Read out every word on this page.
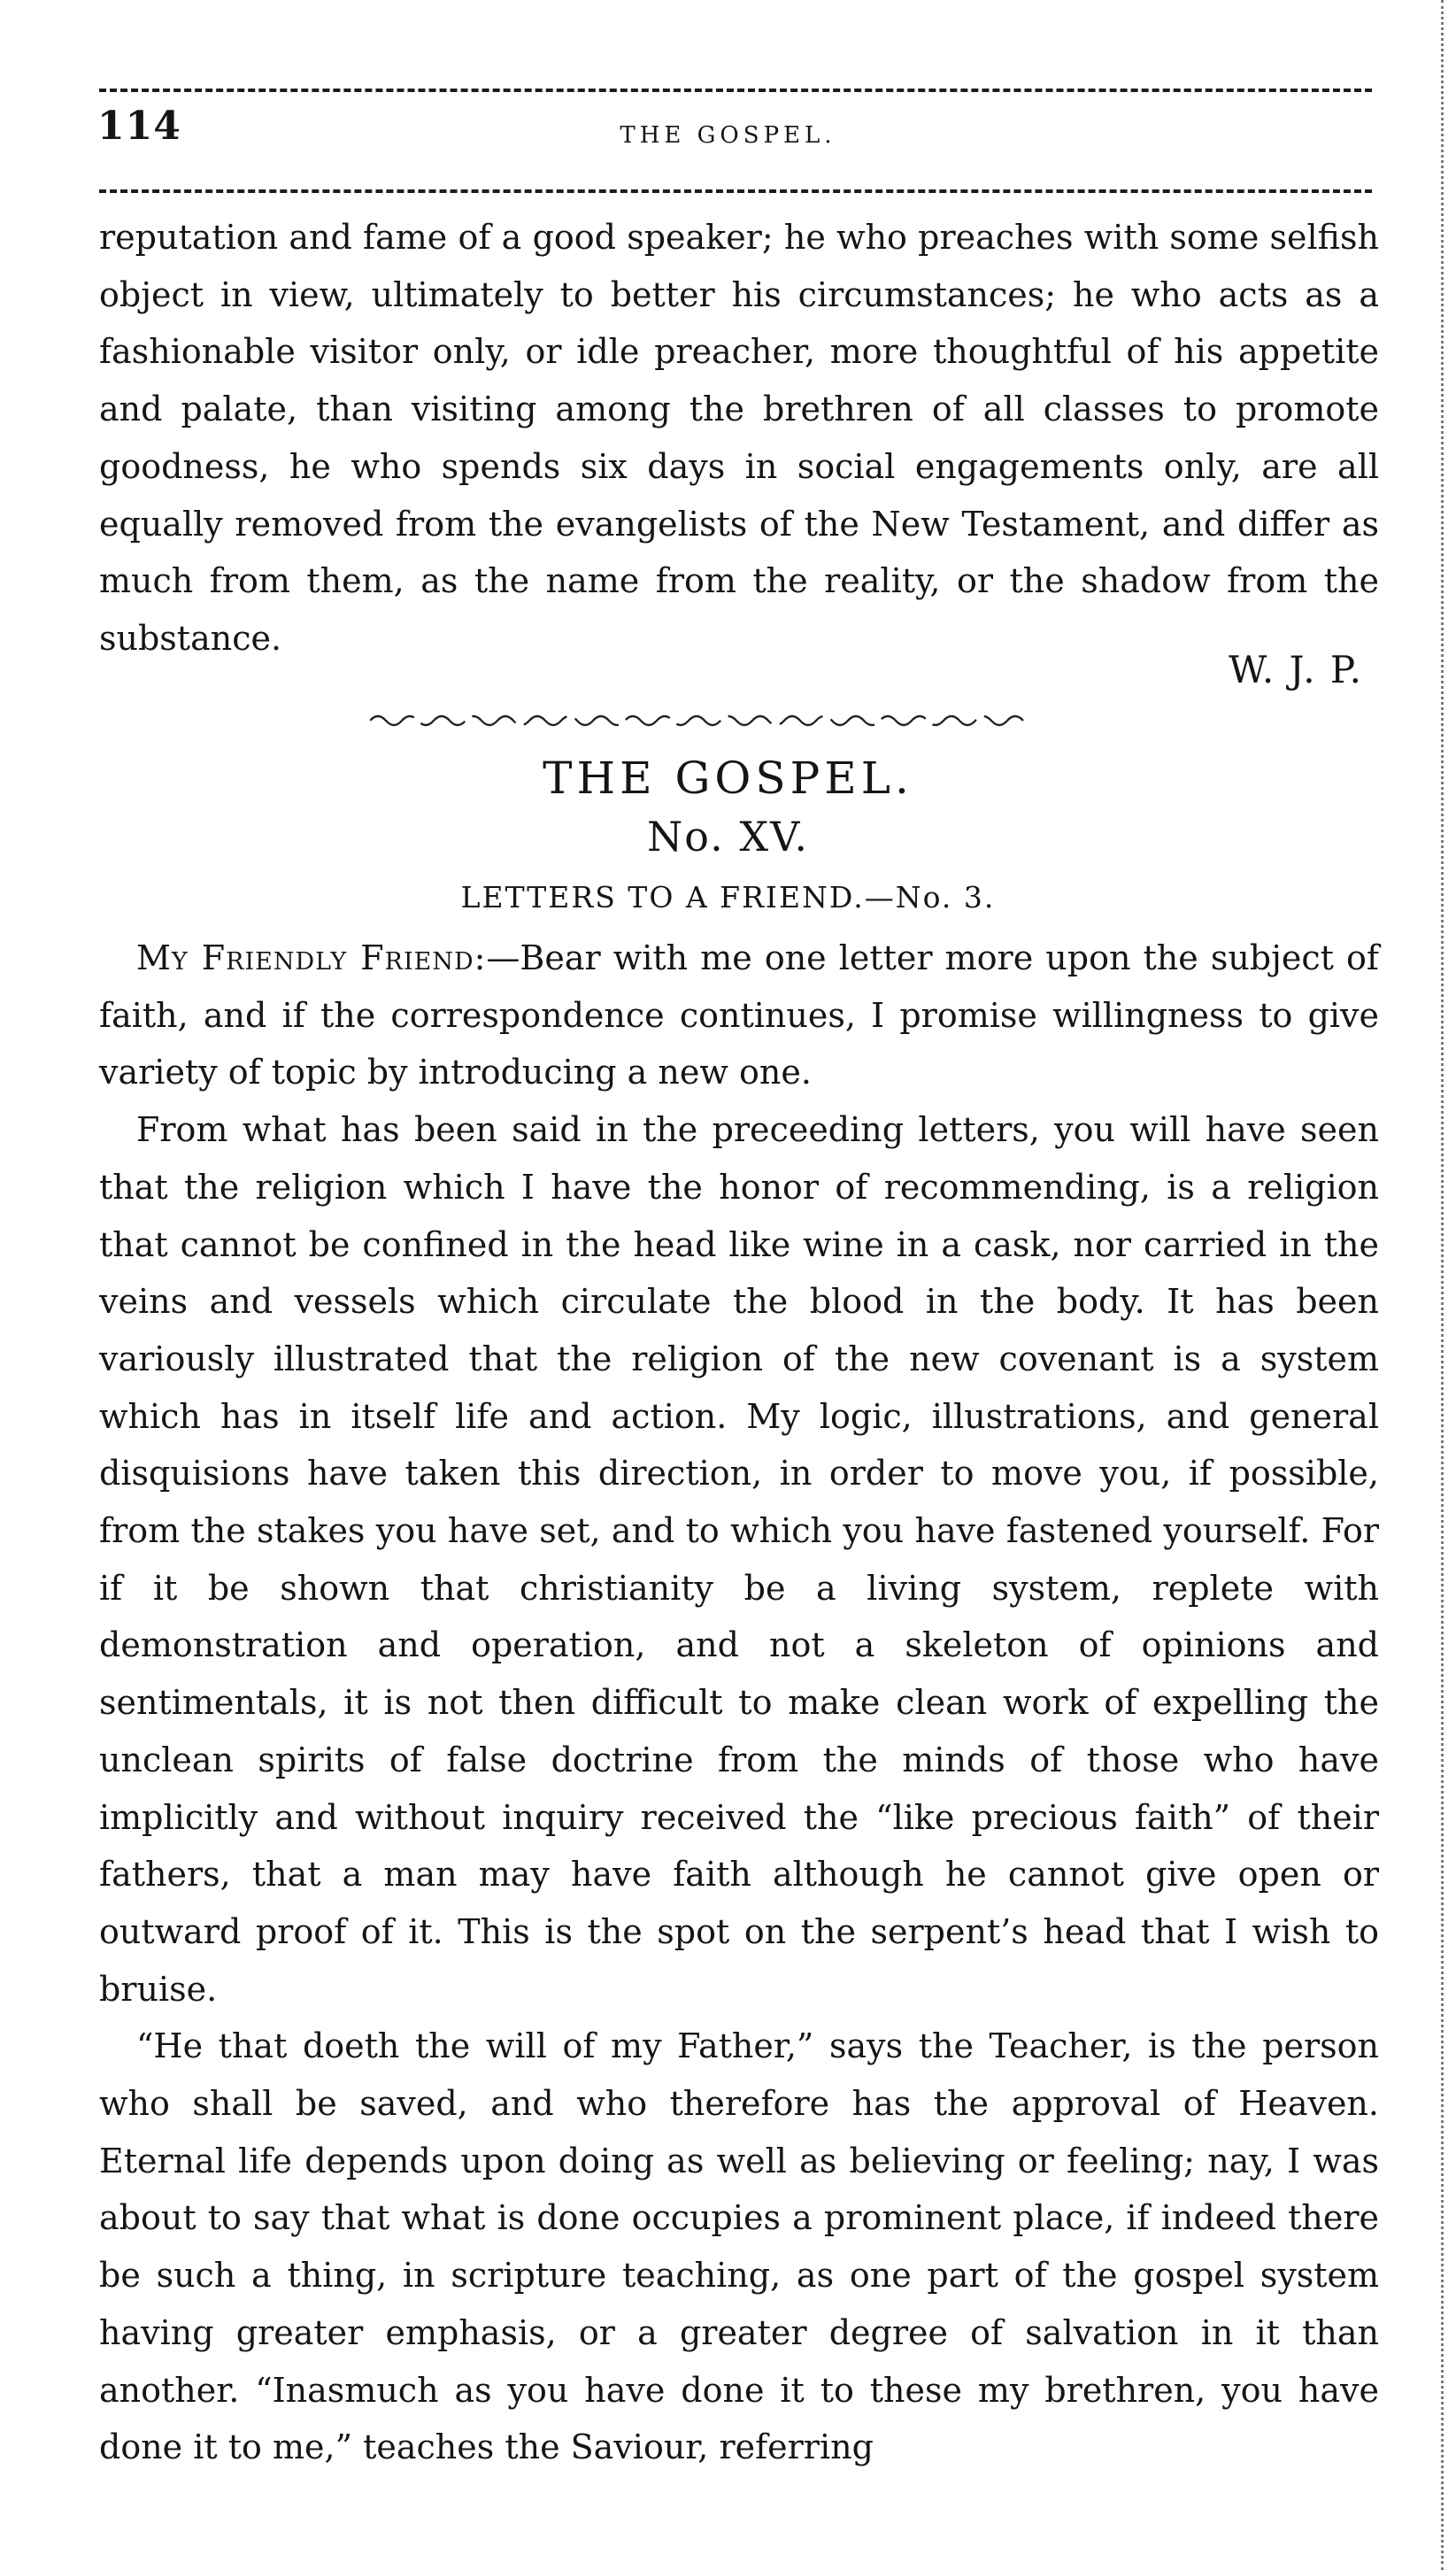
114	THE GOSPEL.

reputation and fame of a good speaker; he who preaches with some selfish object in view, ultimately to better his circumstances; he who acts as a fashionable visitor only, or idle preacher, more thoughtful of his appetite and palate, than visiting among the brethren of all classes to promote goodness, he who spends six days in social engagements only, are all equally removed from the evangelists of the New Testament, and differ as much from them, as the name from the reality, or the shadow from the substance.

W. J. P.
THE GOSPEL.
No. XV.
LETTERS TO A FRIEND.—No. 3.

My Friendly Friend:—Bear with me one letter more upon the subject of faith, and if the correspondence continues, I promise willingness to give variety of topic by introducing a new one.

From what has been said in the preceeding letters, you will have seen that the religion which I have the honor of recommending, is a religion that cannot be confined in the head like wine in a cask, nor carried in the veins and vessels which circulate the blood in the body. It has been variously illustrated that the religion of the new covenant is a system which has in itself life and action. My logic, illustrations, and general disquisions have taken this direction, in order to move you, if possible, from the stakes you have set, and to which you have fastened yourself. For if it be shown that christianity be a living system, replete with demonstration and operation, and not a skeleton of opinions and sentimentals, it is not then difficult to make clean work of expelling the unclean spirits of false doctrine from the minds of those who have implicitly and without inquiry received the “like precious faith” of their fathers, that a man may have faith although he cannot give open or outward proof of it. This is the spot on the serpent’s head that I wish to bruise.

“He that doeth the will of my Father,” says the Teacher, is the person who shall be saved, and who therefore has the approval of Heaven. Eternal life depends upon doing as well as believing or feeling; nay, I was about to say that what is done occupies a prominent place, if indeed there be such a thing, in scripture teaching, as one part of the gospel system having greater emphasis, or a greater degree of salvation in it than another. “Inasmuch as you have done it to these my brethren, you have done it to me,” teaches the Saviour, referring
